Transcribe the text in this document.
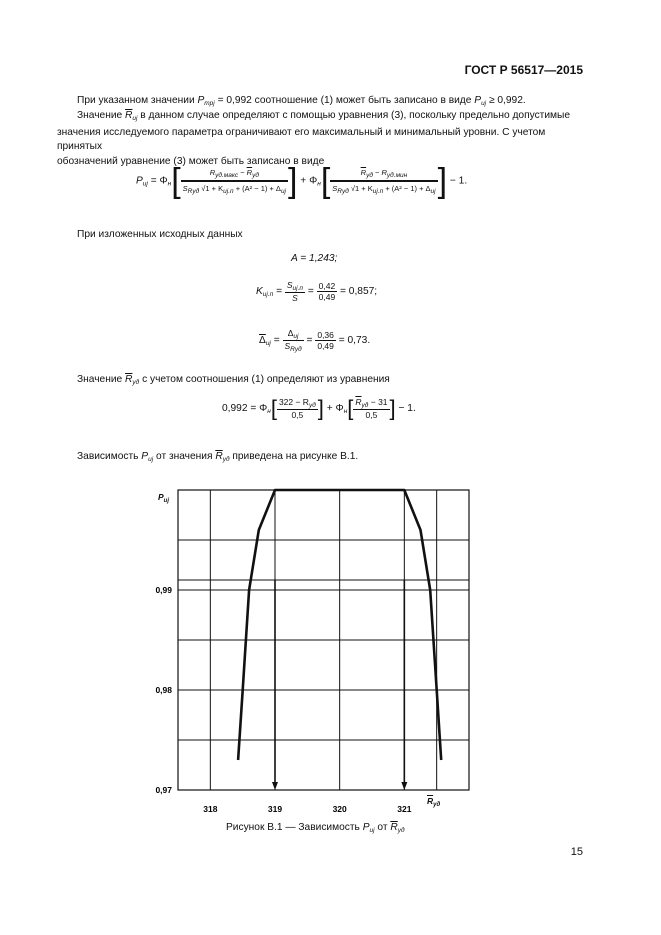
ГОСТ Р 56517—2015
При указанном значении $P_{трj} = 0,992$ соотношение (1) может быть записано в виде $P_{иj} \ge 0,992$.
Значение $\overline{R}_{иj}$ в данном случае определяют с помощью уравнения (3), поскольку предельно допустимые
значения исследуемого параметра ограничивают его максимальный и минимальный уровни. С учетом принятых
обозначений уравнение (3) может быть записано в виде
$P_{иj} = \Phi_н[ \frac{Rуд.макс - \overline{R}уд}{\text{SRуд √1 + Kиj.п + (A² − 1) + Δиj}}$ ] + $\Phi_н[ \frac{\overline{R}уд - Rуд.мин}{\text{SRуд √1 + Kиj.п + (A² − 1) + Δиj}}$ ] − 1.
При изложенных исходных данных
A = 1,243;
$K_{иj.п} = \frac{S_{иj.п}}{S} = \frac{0,42}{0,49} = 0,857$;
$\overline{\Delta}_{иj} = \frac{\Delta_{иj}}{S_{Rуд}} = \frac{0,36}{0,49} = 0,73$.
Значение $\overline{R}_{уд}$ с учетом соотношения (1) определяют из уравнения
$0,992 = \Phi_н[ \frac{322 - R_{уд}}{0,5}$ ] + $\Phi_н[ \frac{\overline{R}_{уд} - 31}{0,5}$ ] − 1.
Зависимость $P_{иj}$ от значения $\overline{R}_{уд}$ приведена на рисунке В.1.
318	319	320	321
0,99
0,98
0,97
$P_{иj}$
$\overline{R}_{уд}$
Рисунок В.1 — Зависимость $P_{иj}$ от $\overline{R}_{уд}$
15
